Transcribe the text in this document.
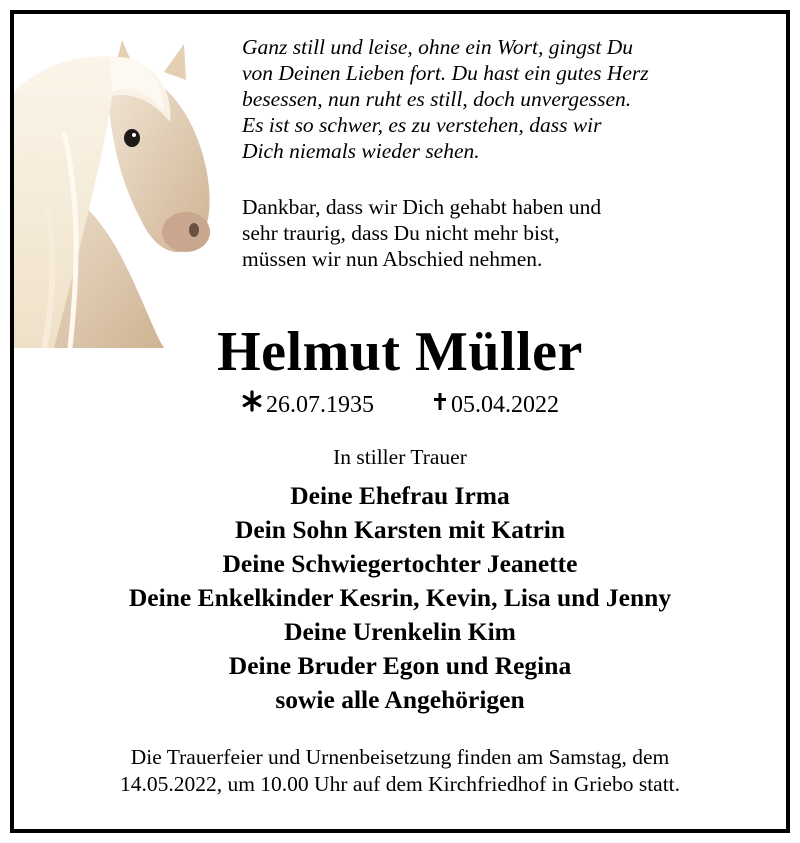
Ganz still und leise, ohne ein Wort, gingst Du
von Deinen Lieben fort. Du hast ein gutes Herz
besessen, nun ruht es still, doch unvergessen.
Es ist so schwer, es zu verstehen, dass wir
Dich niemals wieder sehen.
Dankbar, dass wir Dich gehabt haben und
sehr traurig, dass Du nicht mehr bist,
müssen wir nun Abschied nehmen.
Helmut Müller
26.07.1935	05.04.2022
In stiller Trauer
Deine Ehefrau Irma
Dein Sohn Karsten mit Katrin
Deine Schwiegertochter Jeanette
Deine Enkelkinder Kesrin, Kevin, Lisa und Jenny
Deine Urenkelin Kim
Deine Bruder Egon und Regina
sowie alle Angehörigen
Die Trauerfeier und Urnenbeisetzung finden am Samstag, dem
14.05.2022, um 10.00 Uhr auf dem Kirchfriedhof in Griebo statt.
